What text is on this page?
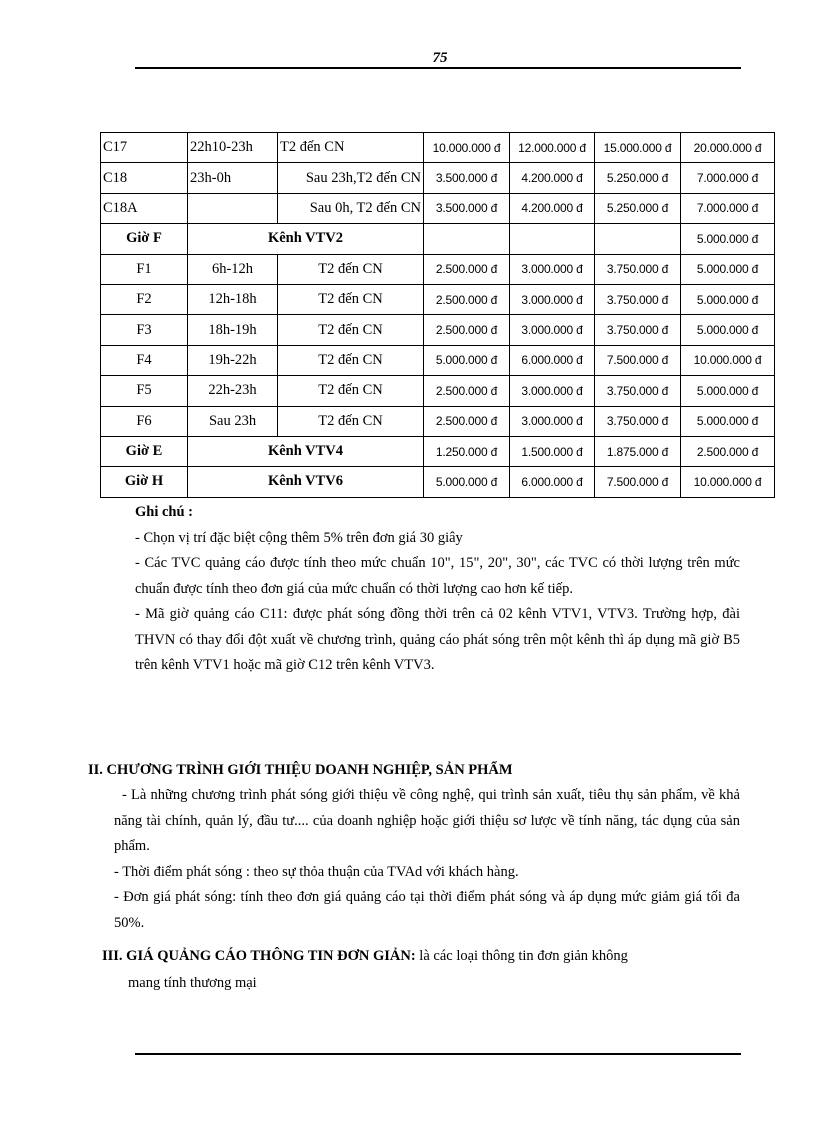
75
C17	22h10-23h	T2 đến CN	10.000.000 đ	12.000.000 đ	15.000.000 đ	20.000.000 đ
C18	23h-0h	Sau 23h,T2 đến CN	3.500.000 đ	4.200.000 đ	5.250.000 đ	7.000.000 đ
C18A		Sau 0h, T2 đến CN	3.500.000 đ	4.200.000 đ	5.250.000 đ	7.000.000 đ
Giờ F	Kênh VTV2					5.000.000 đ
F1	6h-12h	T2 đến CN	2.500.000 đ	3.000.000 đ	3.750.000 đ	5.000.000 đ
F2	12h-18h	T2 đến CN	2.500.000 đ	3.000.000 đ	3.750.000 đ	5.000.000 đ
F3	18h-19h	T2 đến CN	2.500.000 đ	3.000.000 đ	3.750.000 đ	5.000.000 đ
F4	19h-22h	T2 đến CN	5.000.000 đ	6.000.000 đ	7.500.000 đ	10.000.000 đ
F5	22h-23h	T2 đến CN	2.500.000 đ	3.000.000 đ	3.750.000 đ	5.000.000 đ
F6	Sau 23h	T2 đến CN	2.500.000 đ	3.000.000 đ	3.750.000 đ	5.000.000 đ
Giờ E	Kênh VTV4		1.250.000 đ	1.500.000 đ	1.875.000 đ	2.500.000 đ
Giờ H	Kênh VTV6		5.000.000 đ	6.000.000 đ	7.500.000 đ	10.000.000 đ
Ghi chú :
- Chọn vị trí đặc biệt cộng thêm 5% trên đơn giá 30 giây
- Các TVC quảng cáo được tính theo mức chuẩn 10", 15", 20", 30", các TVC có thời lượng trên mức chuẩn được tính theo đơn giá của mức chuẩn có thời lượng cao hơn kế tiếp.
- Mã giờ quảng cáo C11: được phát sóng đồng thời trên cả 02 kênh VTV1, VTV3. Trường hợp, đài THVN có thay đổi đột xuất về chương trình, quảng cáo phát sóng trên một kênh thì áp dụng mã giờ B5 trên kênh VTV1 hoặc mã giờ C12 trên kênh VTV3.
II. CHƯƠNG TRÌNH GIỚI THIỆU DOANH NGHIỆP, SẢN PHẨM
- Là những chương trình phát sóng giới thiệu về công nghệ, qui trình sản xuất, tiêu thụ sản phẩm, về khả năng tài chính, quản lý, đầu tư.... của doanh nghiệp hoặc giới thiệu sơ lược về tính năng, tác dụng của sản phẩm.
- Thời điểm phát sóng : theo sự thỏa thuận của TVAd với khách hàng.
- Đơn giá phát sóng: tính theo đơn giá quảng cáo tại thời điểm phát sóng và áp dụng mức giảm giá tối đa 50%.
III. GIÁ QUẢNG CÁO THÔNG TIN ĐƠN GIẢN: là các loại thông tin đơn giản không
mang tính thương mại
